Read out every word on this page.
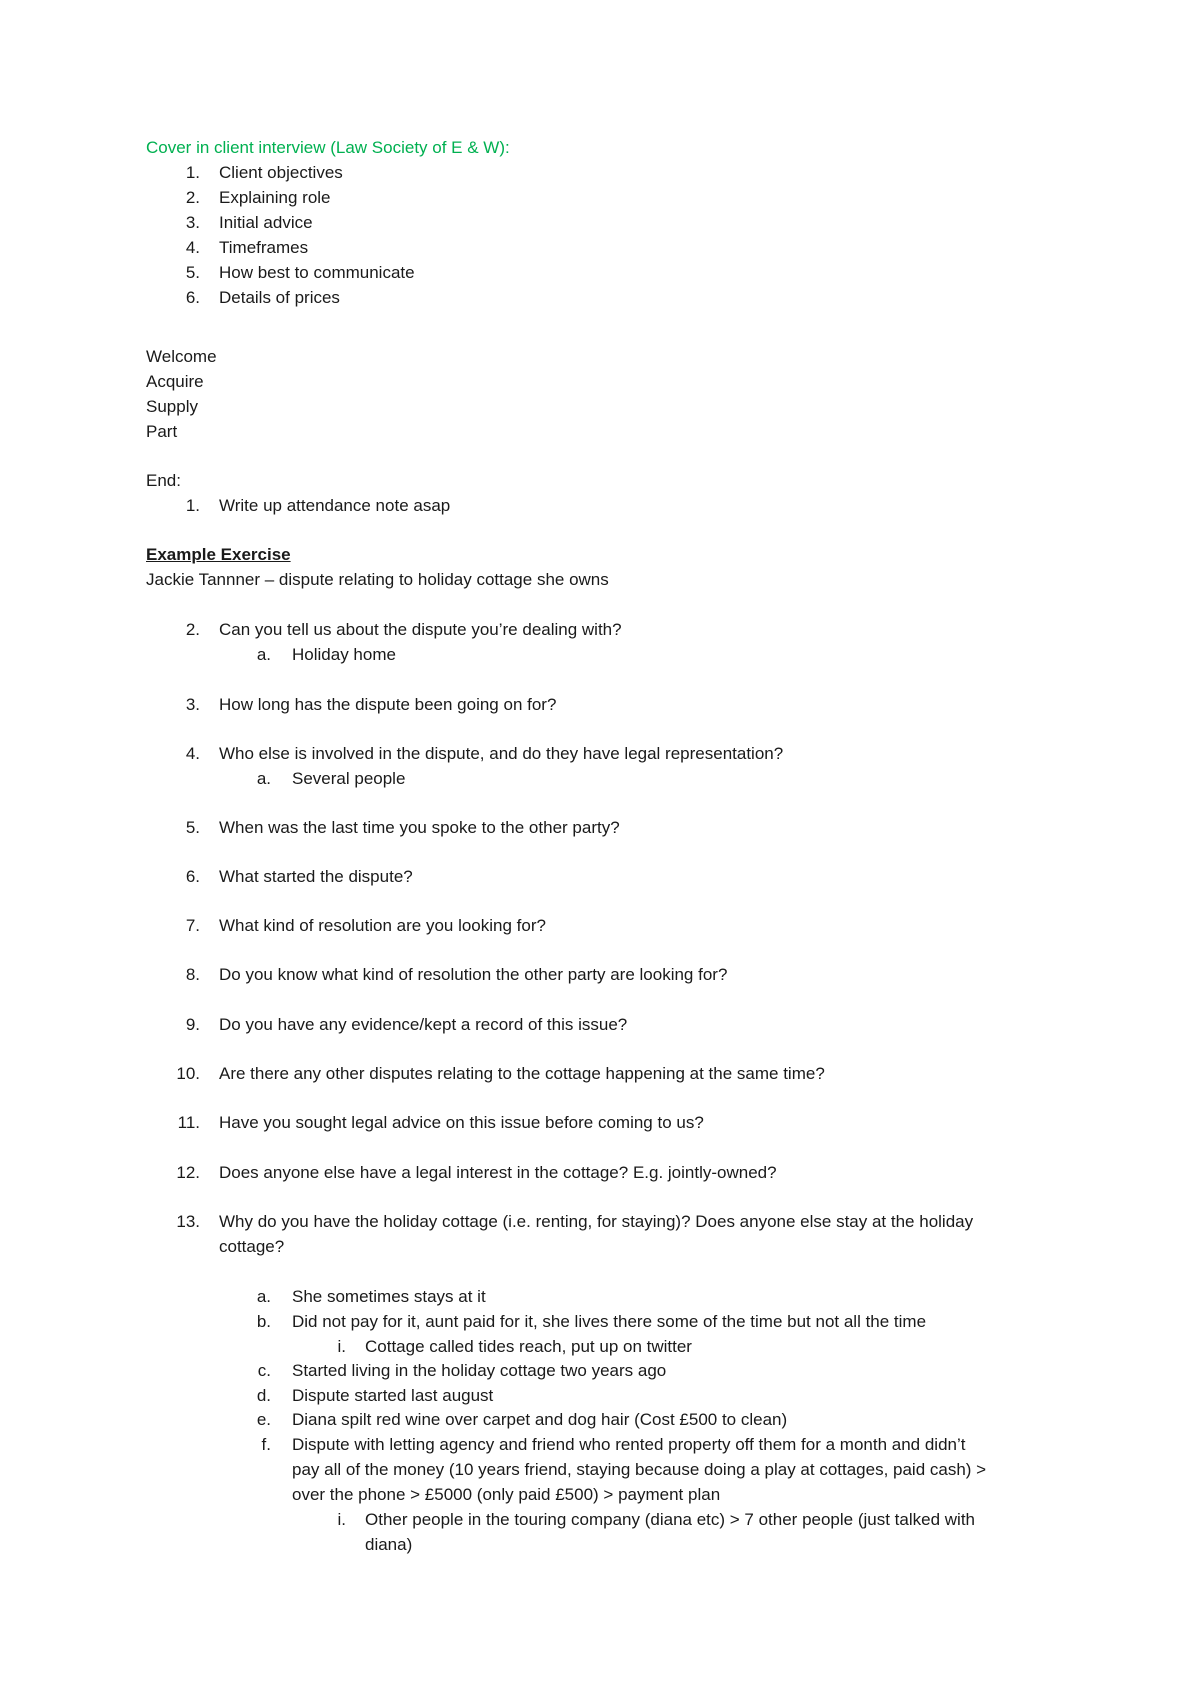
Cover in client interview (Law Society of E & W):
1. Client objectives
2. Explaining role
3. Initial advice
4. Timeframes
5. How best to communicate
6. Details of prices
Welcome
Acquire
Supply
Part
End:
1. Write up attendance note asap
Example Exercise
Jackie Tannner – dispute relating to holiday cottage she owns
2. Can you tell us about the dispute you’re dealing with?
a. Holiday home
3. How long has the dispute been going on for?
4. Who else is involved in the dispute, and do they have legal representation?
a. Several people
5. When was the last time you spoke to the other party?
6. What started the dispute?
7. What kind of resolution are you looking for?
8. Do you know what kind of resolution the other party are looking for?
9. Do you have any evidence/kept a record of this issue?
10. Are there any other disputes relating to the cottage happening at the same time?
11. Have you sought legal advice on this issue before coming to us?
12. Does anyone else have a legal interest in the cottage? E.g. jointly-owned?
13. Why do you have the holiday cottage (i.e. renting, for staying)? Does anyone else stay at the holiday
cottage?
a. She sometimes stays at it
b. Did not pay for it, aunt paid for it, she lives there some of the time but not all the time
i. Cottage called tides reach, put up on twitter
c. Started living in the holiday cottage two years ago
d. Dispute started last august
e. Diana spilt red wine over carpet and dog hair (Cost £500 to clean)
f. Dispute with letting agency and friend who rented property off them for a month and didn’t
pay all of the money (10 years friend, staying because doing a play at cottages, paid cash) >
over the phone > £5000 (only paid £500) > payment plan
i. Other people in the touring company (diana etc) > 7 other people (just talked with
diana)
